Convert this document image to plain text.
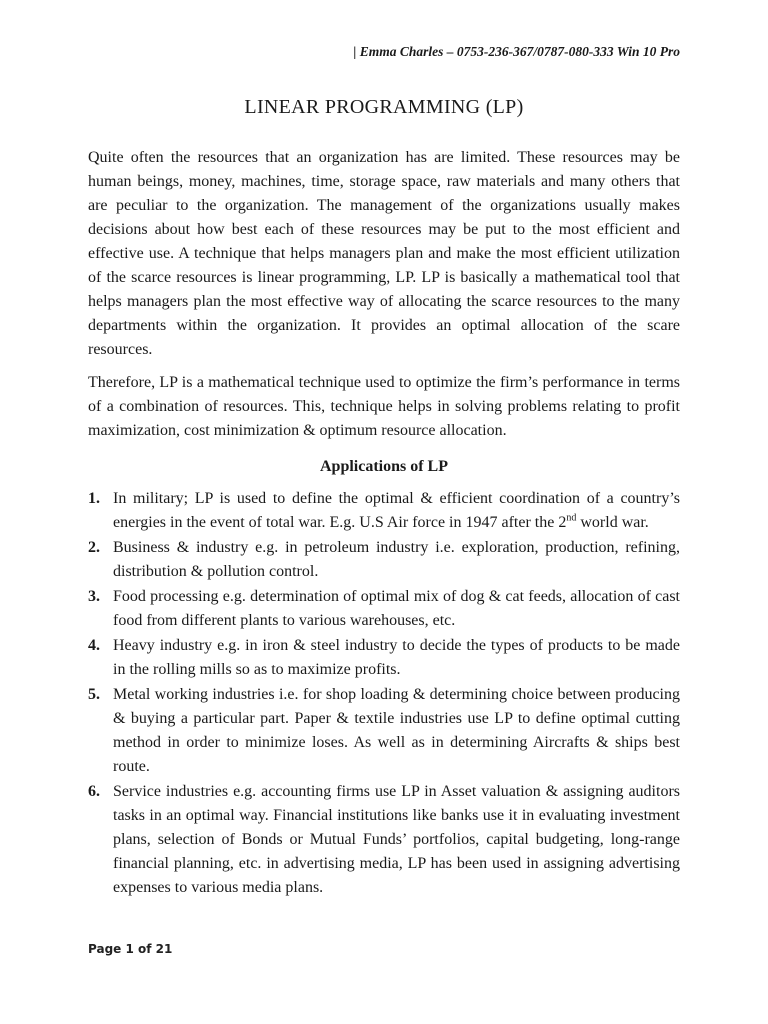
| Emma Charles – 0753-236-367/0787-080-333 Win 10 Pro
LINEAR PROGRAMMING (LP)

Quite often the resources that an organization has are limited. These resources may be human beings, money, machines, time, storage space, raw materials and many others that are peculiar to the organization. The management of the organizations usually makes decisions about how best each of these resources may be put to the most efficient and effective use. A technique that helps managers plan and make the most efficient utilization of the scarce resources is linear programming, LP. LP is basically a mathematical tool that helps managers plan the most effective way of allocating the scarce resources to the many departments within the organization. It provides an optimal allocation of the scare resources.

Therefore, LP is a mathematical technique used to optimize the firm’s performance in terms of a combination of resources. This, technique helps in solving problems relating to profit maximization, cost minimization & optimum resource allocation.

Applications of LP
1. In military; LP is used to define the optimal & efficient coordination of a country’s energies in the event of total war. E.g. U.S Air force in 1947 after the 2nd world war.
2. Business & industry e.g. in petroleum industry i.e. exploration, production, refining, distribution & pollution control.
3. Food processing e.g. determination of optimal mix of dog & cat feeds, allocation of cast food from different plants to various warehouses, etc.
4. Heavy industry e.g. in iron & steel industry to decide the types of products to be made in the rolling mills so as to maximize profits.
5. Metal working industries i.e. for shop loading & determining choice between producing & buying a particular part. Paper & textile industries use LP to define optimal cutting method in order to minimize loses. As well as in determining Aircrafts & ships best route.
6. Service industries e.g. accounting firms use LP in Asset valuation & assigning auditors tasks in an optimal way. Financial institutions like banks use it in evaluating investment plans, selection of Bonds or Mutual Funds’ portfolios, capital budgeting, long-range financial planning, etc. in advertising media, LP has been used in assigning advertising expenses to various media plans.
Page 1 of 21
